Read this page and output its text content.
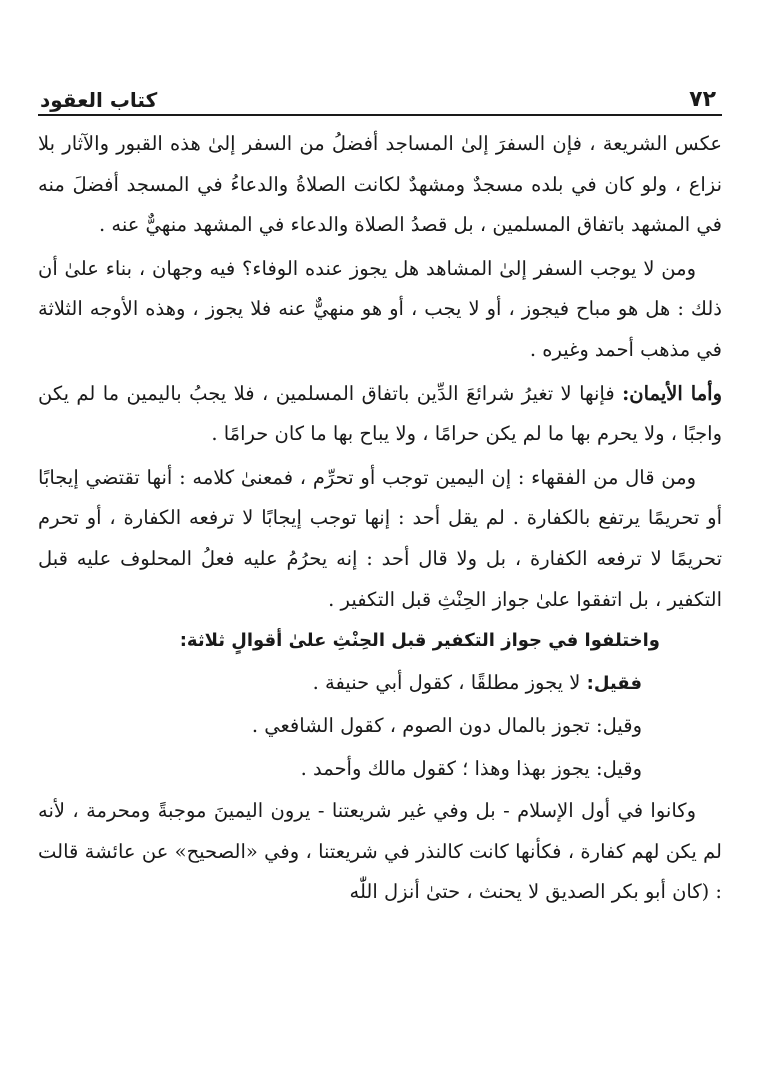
٧٢
كتاب العقود

عكس الشريعة ، فإن السفرَ إلىٰ المساجد أفضلُ من السفر إلىٰ هذه القبور والآثار بلا نزاع ، ولو كان في بلده مسجدٌ ومشهدٌ لكانت الصلاةُ والدعاءُ في المسجد أفضلَ منه في المشهد باتفاق المسلمين ، بل قصدُ الصلاة والدعاء في المشهد منهيٌّ عنه .

ومن لا يوجب السفر إلىٰ المشاهد هل يجوز عنده الوفاء؟ فيه وجهان ، بناء علىٰ أن ذلك : هل هو مباح فيجوز ، أو لا يجب ، أو هو منهيٌّ عنه فلا يجوز ، وهذه الأوجه الثلاثة في مذهب أحمد وغيره .

وأما الأيمان: فإنها لا تغيرُ شرائعَ الدِّين باتفاق المسلمين ، فلا يجبُ باليمين ما لم يكن واجبًا ، ولا يحرم بها ما لم يكن حرامًا ، ولا يباح بها ما كان حرامًا .

ومن قال من الفقهاء : إن اليمين توجب أو تحرِّم ، فمعنىٰ كلامه : أنها تقتضي إيجابًا أو تحريمًا يرتفع بالكفارة . لم يقل أحد : إنها توجب إيجابًا لا ترفعه الكفارة ، أو تحرم تحريمًا لا ترفعه الكفارة ، بل ولا قال أحد : إنه يحرُمُ عليه فعلُ المحلوف عليه قبل التكفير ، بل اتفقوا علىٰ جواز الحِنْثِ قبل التكفير .

واختلفوا في جواز التكفير قبل الحِنْثِ علىٰ أقوالٍ ثلاثة:

فقيل: لا يجوز مطلقًا ، كقول أبي حنيفة .

وقيل: تجوز بالمال دون الصوم ، كقول الشافعي .

وقيل: يجوز بهذا وهذا ؛ كقول مالك وأحمد .

وكانوا في أول الإسلام - بل وفي غير شريعتنا - يرون اليمينَ موجبةً ومحرمة ، لأنه لم يكن لهم كفارة ، فكأنها كانت كالنذر في شريعتنا ، وفي «الصحيح» عن عائشة قالت : (كان أبو بكر الصديق لا يحنث ، حتىٰ أنزل اللّٰه
